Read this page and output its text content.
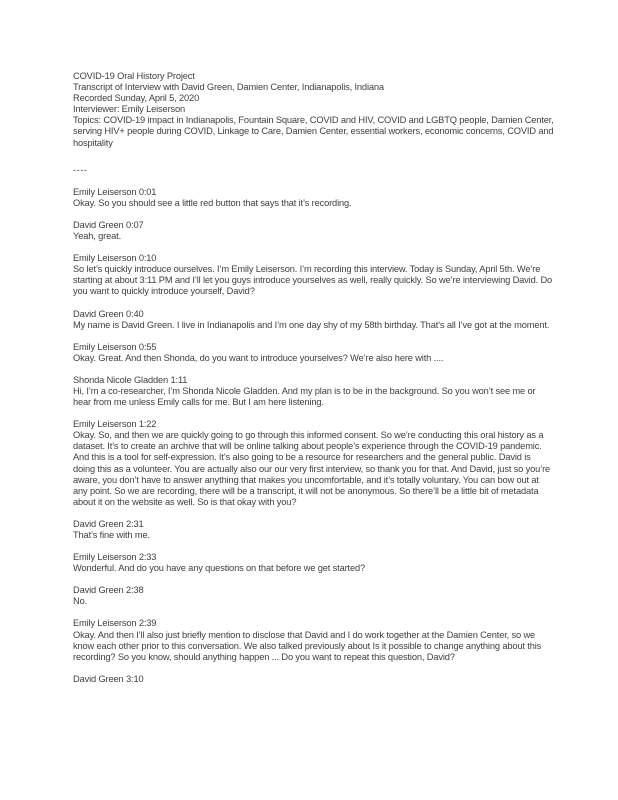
COVID-19 Oral History Project
Transcript of Interview with David Green, Damien Center, Indianapolis, Indiana
Recorded Sunday, April 5, 2020
Interviewer: Emily Leiserson
Topics: COVID-19 impact in Indianapolis, Fountain Square, COVID and HIV, COVID and LGBTQ people, Damien Center, serving HIV+ people during COVID, Linkage to Care, Damien Center, essential workers, economic concerns, COVID and hospitality
----
Emily Leiserson 0:01
Okay. So you should see a little red button that says that it’s recording.
David Green 0:07
Yeah, great.
Emily Leiserson 0:10
So let’s quickly introduce ourselves. I’m Emily Leiserson. I’m recording this interview. Today is Sunday, April 5th. We’re starting at about 3:11 PM and I’ll let you guys introduce yourselves as well, really quickly. So we’re interviewing David. Do you want to quickly introduce yourself, David?
David Green 0:40
My name is David Green. I live in Indianapolis and I’m one day shy of my 58th birthday. That’s all I’ve got at the moment.
Emily Leiserson 0:55
Okay. Great. And then Shonda, do you want to introduce yourselves? We’re also here with ....
Shonda Nicole Gladden 1:11
Hi, I’m a co-researcher, I’m Shonda Nicole Gladden. And my plan is to be in the background. So you won’t see me or hear from me unless Emily calls for me. But I am here listening.
Emily Leiserson 1:22
Okay. So, and then we are quickly going to go through this informed consent. So we’re conducting this oral history as a dataset. It’s to create an archive that will be online talking about people’s experience through the COVID-19 pandemic. And this is a tool for self-expression. It’s also going to be a resource for researchers and the general public. David is doing this as a volunteer. You are actually also our our very first interview, so thank you for that. And David, just so you’re aware, you don’t have to answer anything that makes you uncomfortable, and it’s totally voluntary. You can bow out at any point. So we are recording, there will be a transcript, it will not be anonymous. So there’ll be a little bit of metadata about it on the website as well. So is that okay with you?
David Green 2:31
That’s fine with me.
Emily Leiserson 2:33
Wonderful. And do you have any questions on that before we get started?
David Green 2:38
No.
Emily Leiserson 2:39
Okay. And then I’ll also just briefly mention to disclose that David and I do work together at the Damien Center, so we know each other prior to this conversation. We also talked previously about Is it possible to change anything about this recording? So you know, should anything happen ... Do you want to repeat this question, David?
David Green 3:10
